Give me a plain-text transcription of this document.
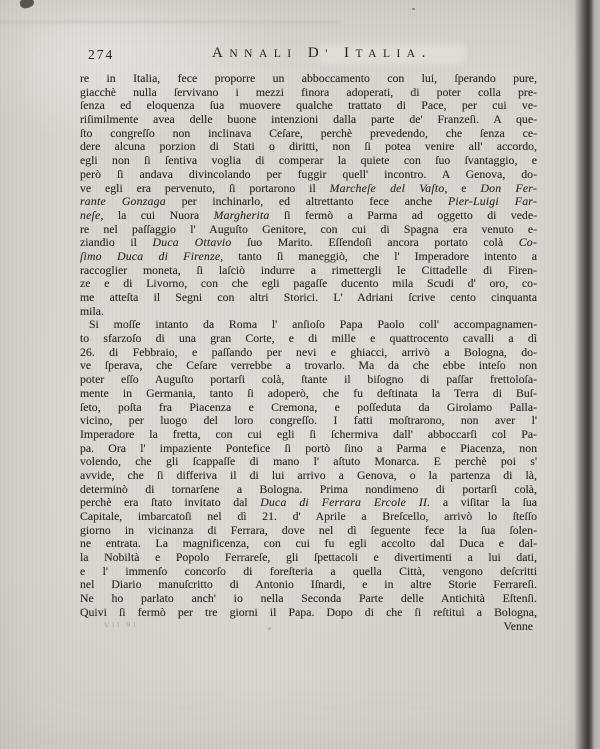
274	ANNALI D' ITALIA.
re in Italia, fece proporre un abboccamento con lui, ſperando pure,
giacchè nulla ſervivano i mezzi finora adoperati, di poter colla pre-
ſenza ed eloquenza ſua muovere qualche trattato di Pace, per cui ve-
riſimilmente avea delle buone intenzioni dalla parte de' Franzeſi. A que-
ſto congreſſo non inclinava Ceſare, perchè prevedendo, che ſenza ce-
dere alcuna porzion di Stati o diritti, non ſi potea venire all' accordo,
egli non ſi ſentiva voglia di comperar la quiete con ſuo ſvantaggio, e
però ſi andava divincolando per fuggir quell' incontro. A Genova, do-
ve egli era pervenuto, ſi portarono il Marcheſe del Vaſto, e Don Fer-
rante Gonzaga per inchinarlo, ed altrettanto fece anche Pier-Luigi Far-
neſe, la cui Nuora Margherita ſi fermò a Parma ad oggetto di vede-
re nel paſſaggio l' Auguſto Genitore, con cui di Spagna era venuto e-
ziandio il Duca Ottavio ſuo Marito. Eſſendoſi ancora portato colà Co-
ſimo Duca di Firenze, tanto ſi maneggiò, che l' Imperadore intento a
raccoglier moneta, ſi laſciò indurre a rimettergli le Cittadelle di Firen-
ze e di Livorno, con che egli pagaſſe ducento mila Scudi d' oro, co-
me atteſta il Segni con altri Storici. L' Adriani ſcrive cento cinquanta
mila.
Si moſſe intanto da Roma l' anſioſo Papa Paolo coll' accompagnamen-
to sfarzoſo di una gran Corte, e di mille e quattrocento cavalli a dì
26. di Febbraio, e paſſando per nevi e ghiacci, arrivò a Bologna, do-
ve ſperava, che Ceſare verrebbe a trovarlo. Ma da che ebbe inteſo non
poter eſſo Auguſto portarſi colà, ſtante il biſogno di paſſar frettoloſa-
mente in Germania, tanto ſi adoperò, che fu deſtinata la Terra di Buſ-
ſeto, poſta fra Piacenza e Cremona, e poſſeduta da Girolamo Palla-
vicino, per luogo del loro congreſſo. I fatti moſtrarono, non aver l'
Imperadore la fretta, con cui egli ſi ſchermiva dall' abboccarſi col Pa-
pa. Ora l' impaziente Pontefice ſi portò ſino a Parma e Piacenza, non
volendo, che gli ſcappaſſe di mano l' aſtuto Monarca. E perchè poi s'
avvide, che ſi differiva il di lui arrivo a Genova, o la partenza di là,
determinò di tornarſene a Bologna. Prima nondimeno di portarſi colà,
perchè era ſtato invitato dal Duca di Ferrara Ercole II. a viſitar la ſua
Capitale, imbarcatoſi nel dì 21. d' Aprile a Breſcello, arrivò lo ſteſſo
giorno in vicinanza di Ferrara, dove nel dì ſeguente fece la ſua ſolen-
ne entrata. La magnificenza, con cui fu egli accolto dal Duca e dal-
la Nobiltà e Popolo Ferrareſe, gli ſpettacoli e divertimenti a lui dati,
e l' immenſo concorſo di foreſteria a quella Città, vengono deſcritti
nel Diario manuſcritto di Antonio Iſnardi, e in altre Storie Ferrareſi.
Ne ho parlato anch' io nella Seconda Parte delle Antichità Eſtenſi.
Quivi ſi fermò per tre giorni il Papa. Dopo di che ſi reſtituì a Bologna,
Venne
VII 91
